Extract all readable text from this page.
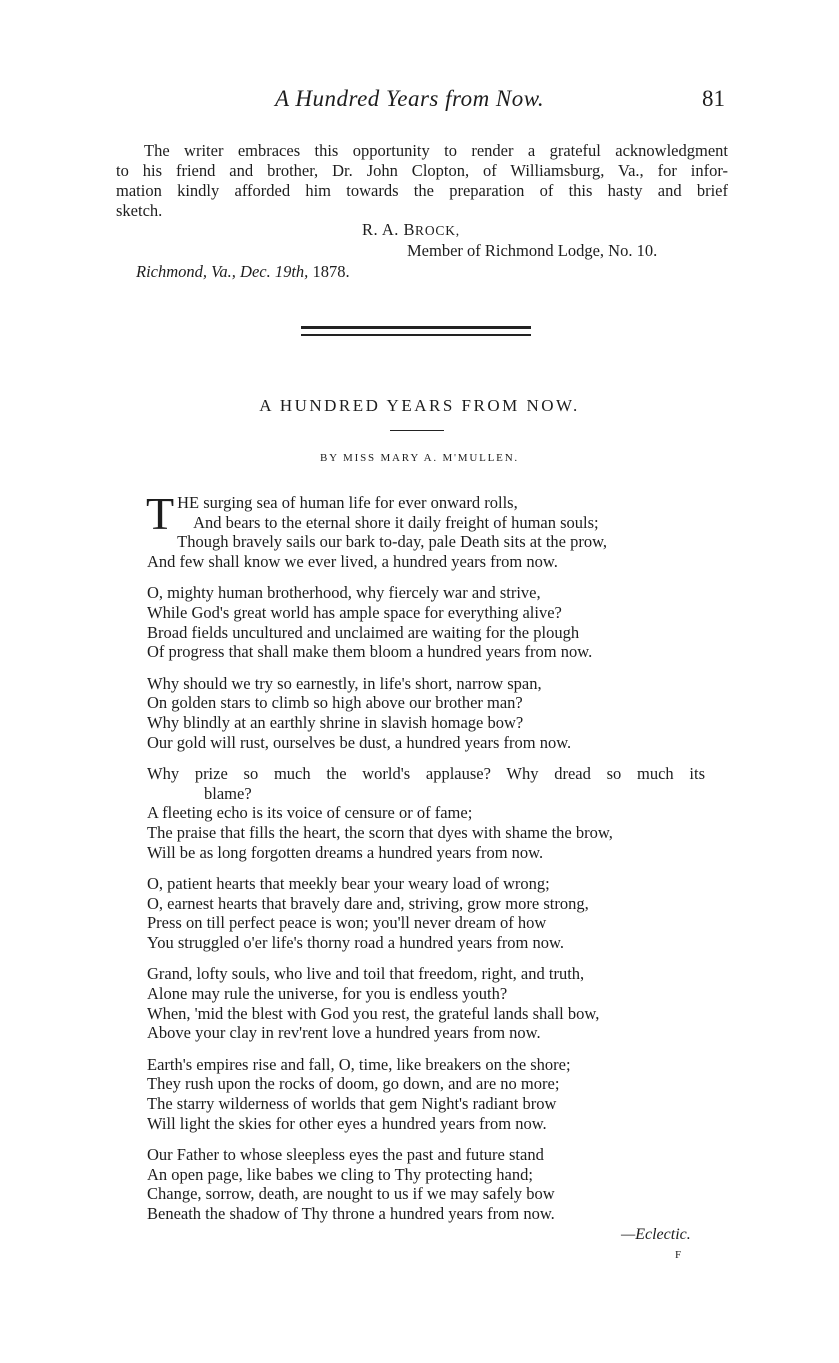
A Hundred Years from Now.	81
The writer embraces this opportunity to render a grateful acknowledgment
to his friend and brother, Dr. John Clopton, of Williamsburg, Va., for infor-
mation kindly afforded him towards the preparation of this hasty and brief
sketch.
R. A. BROCK,
Member of Richmond Lodge, No. 10.
Richmond, Va., Dec. 19th, 1878.
A HUNDRED YEARS FROM NOW.
BY MISS MARY A. M'MULLEN.
T HE surging sea of human life for ever onward rolls,
And bears to the eternal shore it daily freight of human souls;
Though bravely sails our bark to-day, pale Death sits at the prow,
And few shall know we ever lived, a hundred years from now.
O, mighty human brotherhood, why fiercely war and strive,
While God's great world has ample space for everything alive?
Broad fields uncultured and unclaimed are waiting for the plough
Of progress that shall make them bloom a hundred years from now.
Why should we try so earnestly, in life's short, narrow span,
On golden stars to climb so high above our brother man?
Why blindly at an earthly shrine in slavish homage bow?
Our gold will rust, ourselves be dust, a hundred years from now.
Why prize so much the world's applause? Why dread so much its
blame?
A fleeting echo is its voice of censure or of fame;
The praise that fills the heart, the scorn that dyes with shame the brow,
Will be as long forgotten dreams a hundred years from now.
O, patient hearts that meekly bear your weary load of wrong;
O, earnest hearts that bravely dare and, striving, grow more strong,
Press on till perfect peace is won; you'll never dream of how
You struggled o'er life's thorny road a hundred years from now.
Grand, lofty souls, who live and toil that freedom, right, and truth,
Alone may rule the universe, for you is endless youth?
When, 'mid the blest with God you rest, the grateful lands shall bow,
Above your clay in rev'rent love a hundred years from now.
Earth's empires rise and fall, O, time, like breakers on the shore;
They rush upon the rocks of doom, go down, and are no more;
The starry wilderness of worlds that gem Night's radiant brow
Will light the skies for other eyes a hundred years from now.
Our Father to whose sleepless eyes the past and future stand
An open page, like babes we cling to Thy protecting hand;
Change, sorrow, death, are nought to us if we may safely bow
Beneath the shadow of Thy throne a hundred years from now.
—Eclectic.
F
